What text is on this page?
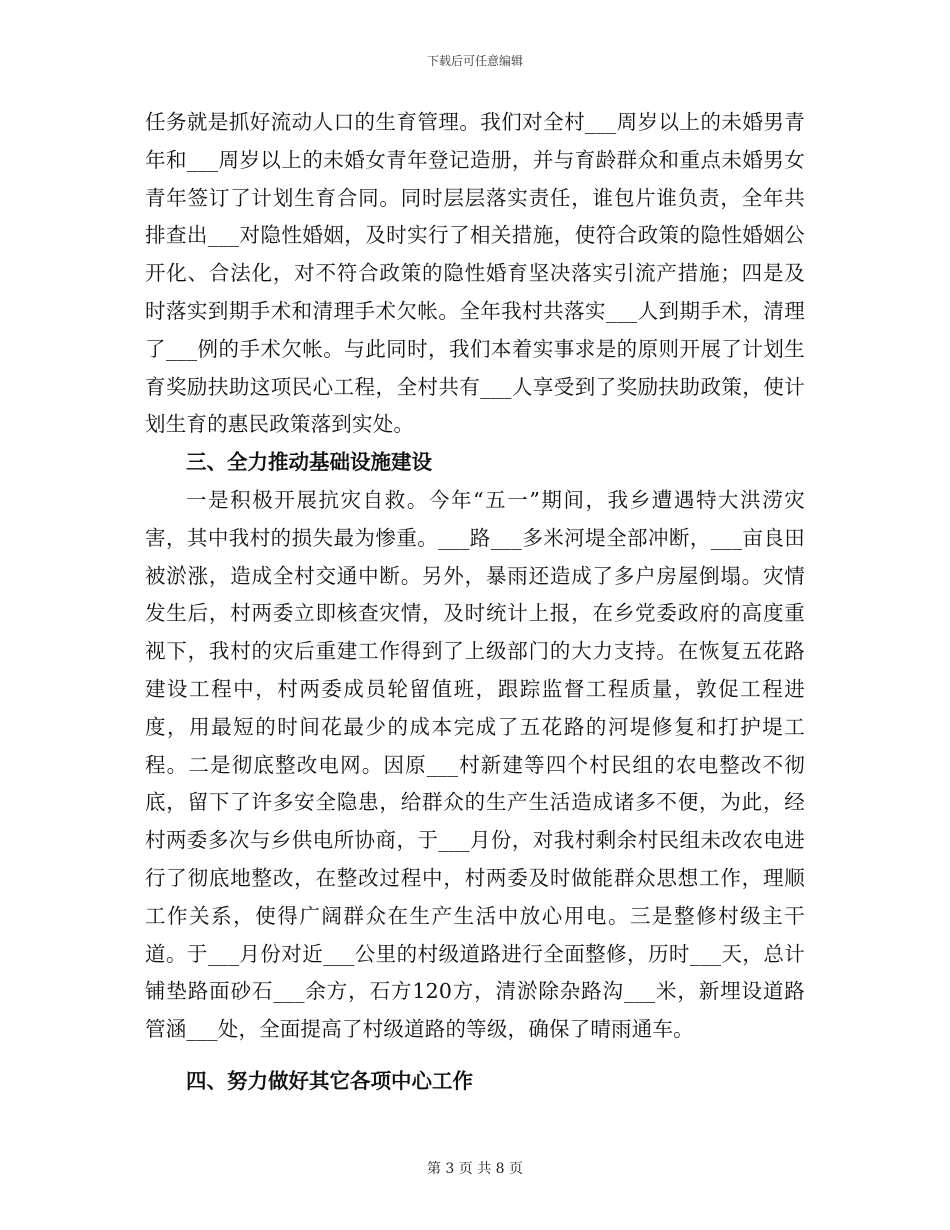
下载后可任意编辑

任务就是抓好流动人口的生育管理。我们对全村___周岁以上的未婚男青年和___周岁以上的未婚女青年登记造册，并与育龄群众和重点未婚男女青年签订了计划生育合同。同时层层落实责任，谁包片谁负责，全年共排查出___对隐性婚姻，及时实行了相关措施，使符合政策的隐性婚姻公开化、合法化，对不符合政策的隐性婚育坚决落实引流产措施；四是及时落实到期手术和清理手术欠帐。全年我村共落实___人到期手术，清理了___例的手术欠帐。与此同时，我们本着实事求是的原则开展了计划生育奖励扶助这项民心工程，全村共有___人享受到了奖励扶助政策，使计划生育的惠民政策落到实处。

三、全力推动基础设施建设

一是积极开展抗灾自救。今年“五一”期间，我乡遭遇特大洪涝灾害，其中我村的损失最为惨重。___路___多米河堤全部冲断，___亩良田被淤涨，造成全村交通中断。另外，暴雨还造成了多户房屋倒塌。灾情发生后，村两委立即核查灾情，及时统计上报，在乡党委政府的高度重视下，我村的灾后重建工作得到了上级部门的大力支持。在恢复五花路建设工程中，村两委成员轮留值班，跟踪监督工程质量，敦促工程进度，用最短的时间花最少的成本完成了五花路的河堤修复和打护堤工程。二是彻底整改电网。因原___村新建等四个村民组的农电整改不彻底，留下了许多安全隐患，给群众的生产生活造成诸多不便，为此，经村两委多次与乡供电所协商，于___月份，对我村剩余村民组未改农电进行了彻底地整改，在整改过程中，村两委及时做能群众思想工作，理顺工作关系，使得广阔群众在生产生活中放心用电。三是整修村级主干道。于___月份对近___公里的村级道路进行全面整修，历时___天，总计铺垫路面砂石___余方，石方120方，清淤除杂路沟___米，新埋设道路管涵___处，全面提高了村级道路的等级，确保了晴雨通车。

四、努力做好其它各项中心工作

第 3 页 共 8 页
